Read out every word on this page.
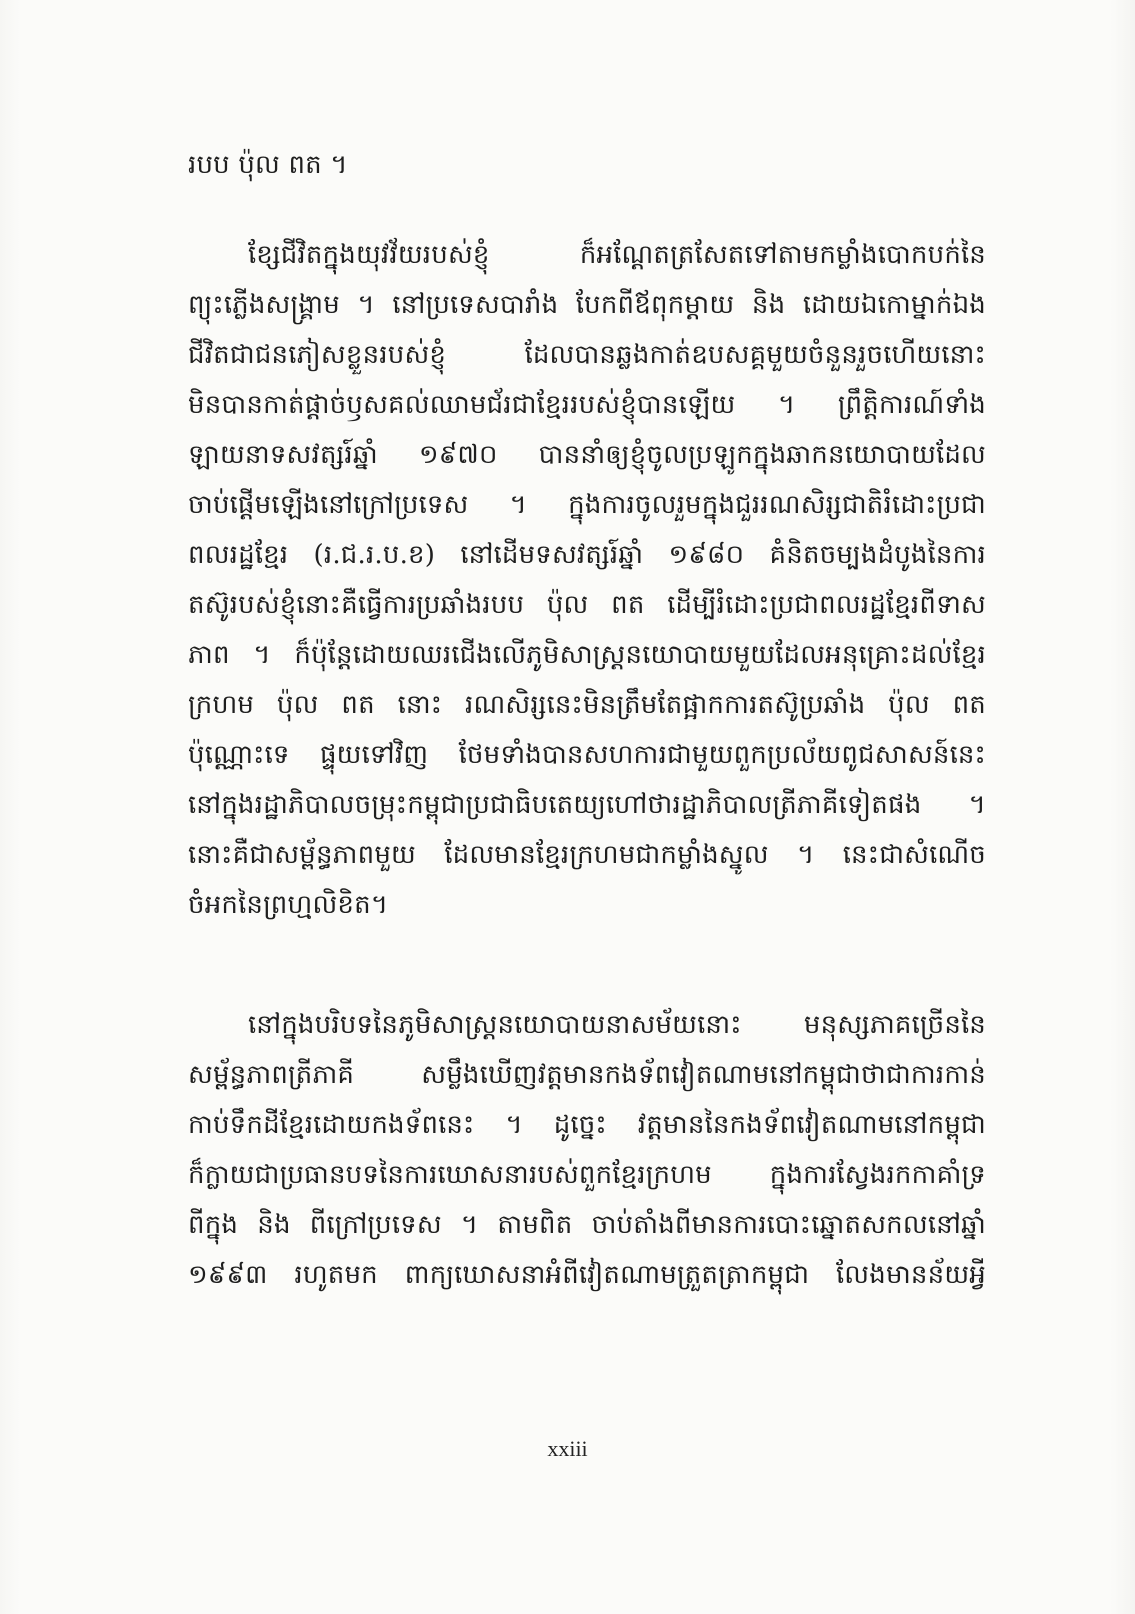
របប ប៉ុល ពត ។
ខ្សែជីវិតក្នុងយុវវ័យរបស់ខ្ញុំ ក៏អណ្តែតត្រសែតទៅតាមកម្លាំងបោកបក់នៃ
ព្យុះភ្លើងសង្គ្រាម ។ នៅប្រទេសបារាំង បែកពីឪពុកម្តាយ និង ដោយឯកោម្នាក់ឯង
ជីវិតជាជនភៀសខ្លួនរបស់ខ្ញុំ ដែលបានឆ្លងកាត់ឧបសគ្គមួយចំនួនរួចហើយនោះ
មិនបានកាត់ផ្តាច់ឫសគល់ឈាមជ័រជាខ្មែររបស់ខ្ញុំបានឡើយ ។ ព្រឹត្តិការណ៍ទាំង
ឡាយនាទសវត្សរ៍ឆ្នាំ ១៩៧០ បាននាំឲ្យខ្ញុំចូលប្រឡូកក្នុងឆាកនយោបាយដែល
ចាប់ផ្តើមឡើងនៅក្រៅប្រទេស ។ ក្នុងការចូលរួមក្នុងជួររណសិរ្សជាតិរំដោះប្រជា
ពលរដ្ឋខ្មែរ (រ.ជ.រ.ប.ខ) នៅដើមទសវត្សរ៍ឆ្នាំ ១៩៨០ គំនិតចម្បងដំបូងនៃការ
តស៊ូរបស់ខ្ញុំនោះគឺធ្វើការប្រឆាំងរបប ប៉ុល ពត ដើម្បីរំដោះប្រជាពលរដ្ឋខ្មែរពីទាស
ភាព ។ ក៏ប៉ុន្តែដោយឈរជើងលើភូមិសាស្ត្រនយោបាយមួយដែលអនុគ្រោះដល់ខ្មែរ
ក្រហម ប៉ុល ពត នោះ រណសិរ្សនេះមិនត្រឹមតែផ្អាកការតស៊ូប្រឆាំង ប៉ុល ពត
ប៉ុណ្ណោះទេ ផ្ទុយទៅវិញ ថែមទាំងបានសហការជាមួយពួកប្រល័យពូជសាសន៍នេះ
នៅក្នុងរដ្ឋាភិបាលចម្រុះកម្ពុជាប្រជាធិបតេយ្យហៅថារដ្ឋាភិបាលត្រីភាគីទៀតផង ។
នោះគឺជាសម្ព័ន្ធភាពមួយ ដែលមានខ្មែរក្រហមជាកម្លាំងស្នូល ។ នេះជាសំណើច
ចំអកនៃព្រហ្មលិខិត។
នៅក្នុងបរិបទនៃភូមិសាស្ត្រនយោបាយនាសម័យនោះ មនុស្សភាគច្រើននៃ
សម្ព័ន្ធភាពត្រីភាគី សម្លឹងឃើញវត្តមានកងទ័ពវៀតណាមនៅកម្ពុជាថាជាការកាន់
កាប់ទឹកដីខ្មែរដោយកងទ័ពនេះ ។ ដូច្នេះ វត្តមាននៃកងទ័ពវៀតណាមនៅកម្ពុជា
ក៏ក្លាយជាប្រធានបទនៃការឃោសនារបស់ពួកខ្មែរក្រហម ក្នុងការស្វែងរកកាគាំទ្រ
ពីក្នុង និង ពីក្រៅប្រទេស ។ តាមពិត ចាប់តាំងពីមានការបោះឆ្នោតសកលនៅឆ្នាំ
១៩៩៣ រហូតមក ពាក្យឃោសនាអំពីវៀតណាមត្រួតត្រាកម្ពុជា លែងមានន័យអ្វី
xxiii
